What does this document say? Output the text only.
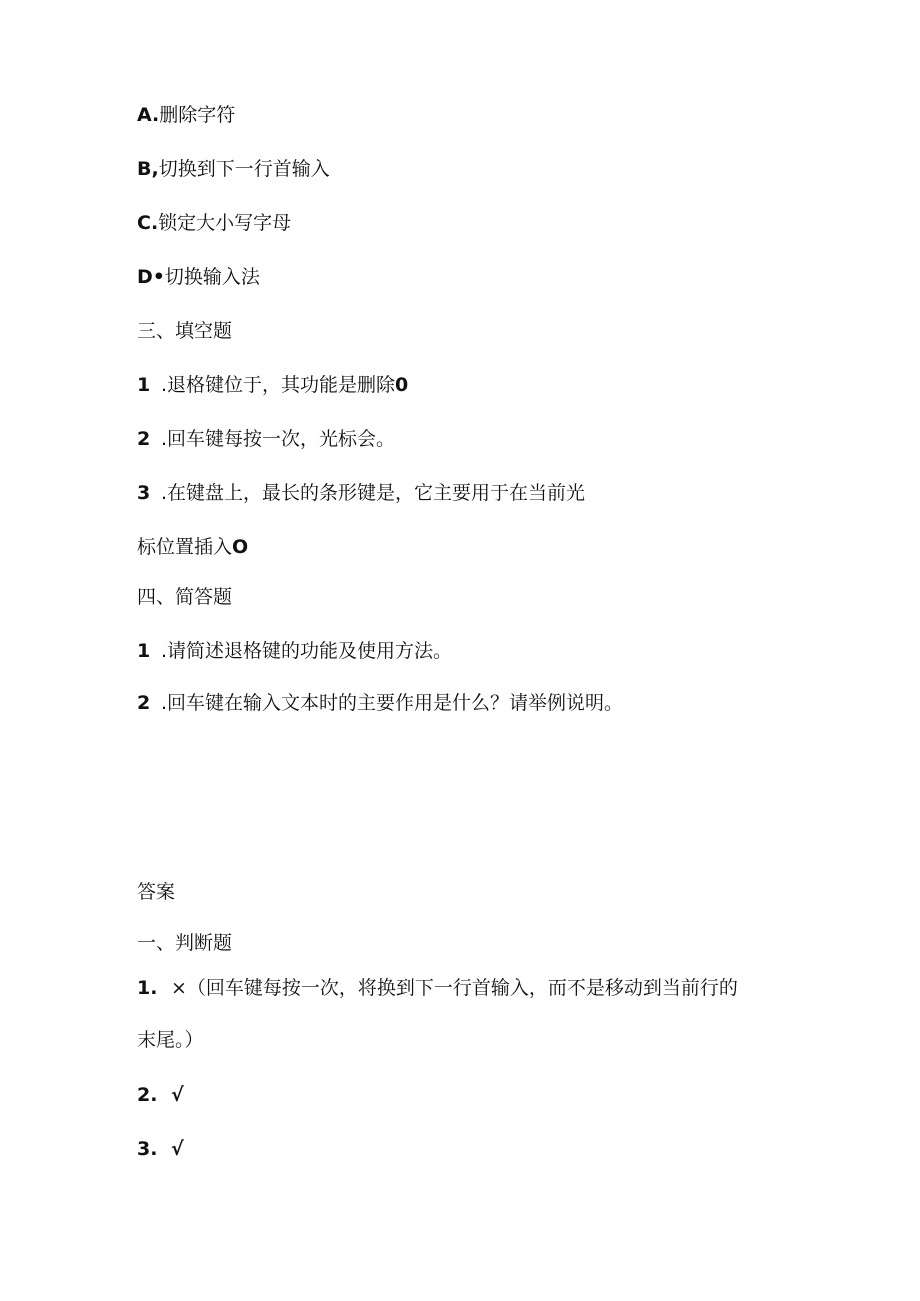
A.删除字符
B,切换到下一行首输入
C.锁定大小写字母
D•切换输入法
三、填空题
1 .退格键位于，其功能是删除0
2 .回车键每按一次，光标会。
3 .在键盘上，最长的条形键是，它主要用于在当前光
标位置插入O
四、简答题
1 .请简述退格键的功能及使用方法。
2 .回车键在输入文本时的主要作用是什么？请举例说明。
答案
一、判断题
1. ×（回车键每按一次，将换到下一行首输入，而不是移动到当前行的
末尾。）
2. √
3. √
